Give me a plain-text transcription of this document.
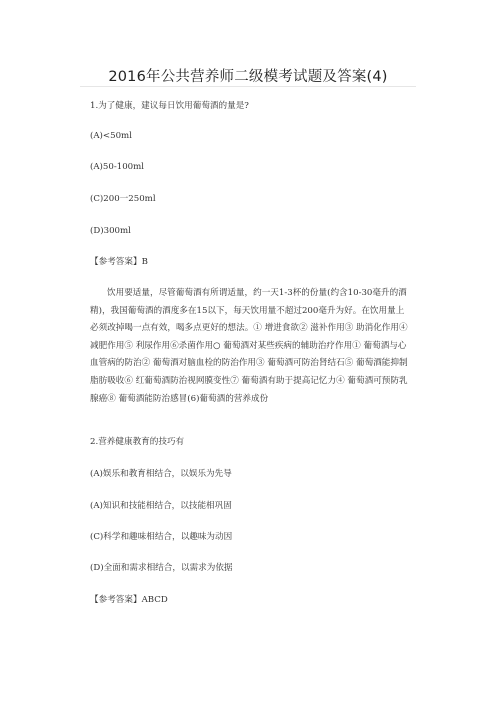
2016年公共营养师二级模考试题及答案(4)
1.为了健康，建议每日饮用葡萄酒的量是?
(A)<50ml
(A)50-100ml
(C)200一250ml
(D)300ml
【参考答案】B
饮用要适量，尽管葡萄酒有所谓适量，约一天1-3杯的份量(约含10-30毫升的酒精)，我国葡萄酒的酒度多在15以下，每天饮用量不超过200毫升为好。在饮用量上必须改掉喝一点有效，喝多点更好的想法。① 增进食欲② 滋补作用③ 助消化作用④ 减肥作用⑤ 利尿作用⑥杀菌作用○ 葡萄酒对某些疾病的辅助治疗作用① 葡萄酒与心血管病的防治② 葡萄酒对脑血栓的防治作用③ 葡萄酒可防治肾结石⑤ 葡萄酒能抑制脂肪吸收⑥ 红葡萄酒防治视网膜变性⑦ 葡萄酒有助于提高记忆力④ 葡萄酒可预防乳腺癌⑧ 葡萄酒能防治感冒(6)葡萄酒的营养成份
2.营养健康教育的技巧有
(A)娱乐和教育相结合，以娱乐为先导
(A)知识和技能相结合，以技能相巩固
(C)科学和趣味相结合，以趣味为动因
(D)全面和需求相结合，以需求为依据
【参考答案】ABCD
